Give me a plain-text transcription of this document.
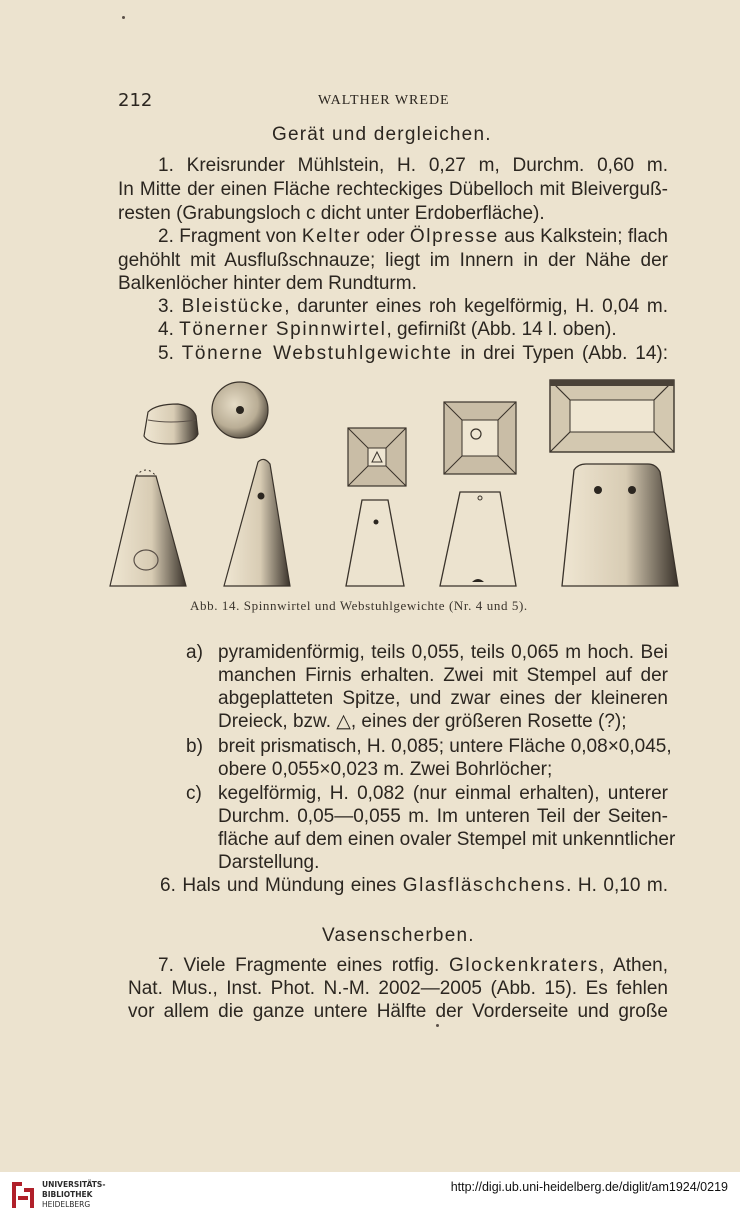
212	WALTHER WREDE
Gerät und dergleichen.
1. Kreisrunder Mühlstein, H. 0,27 m, Durchm. 0,60 m.
In Mitte der einen Fläche rechteckiges Dübelloch mit Bleiverguß-
resten (Grabungsloch c dicht unter Erdoberfläche).
2. Fragment von Kelter oder Ölpresse aus Kalkstein; flach
gehöhlt mit Ausflußschnauze; liegt im Innern in der Nähe der
Balkenlöcher hinter dem Rundturm.
3. Bleistücke, darunter eines roh kegelförmig, H. 0,04 m.
4. Tönerner Spinnwirtel, gefirnißt (Abb. 14 l. oben).
5. Tönerne Webstuhlgewichte in drei Typen (Abb. 14):
Abb. 14. Spinnwirtel und Webstuhlgewichte (Nr. 4 und 5).
a) pyramidenförmig, teils 0,055, teils 0,065 m hoch. Bei
manchen Firnis erhalten. Zwei mit Stempel auf der
abgeplatteten Spitze, und zwar eines der kleineren
Dreieck, bzw. △, eines der größeren Rosette (?);
b) breit prismatisch, H. 0,085; untere Fläche 0,08×0,045,
obere 0,055×0,023 m. Zwei Bohrlöcher;
c) kegelförmig, H. 0,082 (nur einmal erhalten), unterer
Durchm. 0,05—0,055 m. Im unteren Teil der Seiten-
fläche auf dem einen ovaler Stempel mit unkenntlicher
Darstellung.
6. Hals und Mündung eines Glasfläschchens. H. 0,10 m.
Vasenscherben.
7. Viele Fragmente eines rotfig. Glockenkraters, Athen,
Nat. Mus., Inst. Phot. N.-M. 2002—2005 (Abb. 15). Es fehlen
vor allem die ganze untere Hälfte der Vorderseite und große
UNIVERSITÄTS-
BIBLIOTHEK
HEIDELBERG
http://digi.ub.uni-heidelberg.de/diglit/am1924/0219
